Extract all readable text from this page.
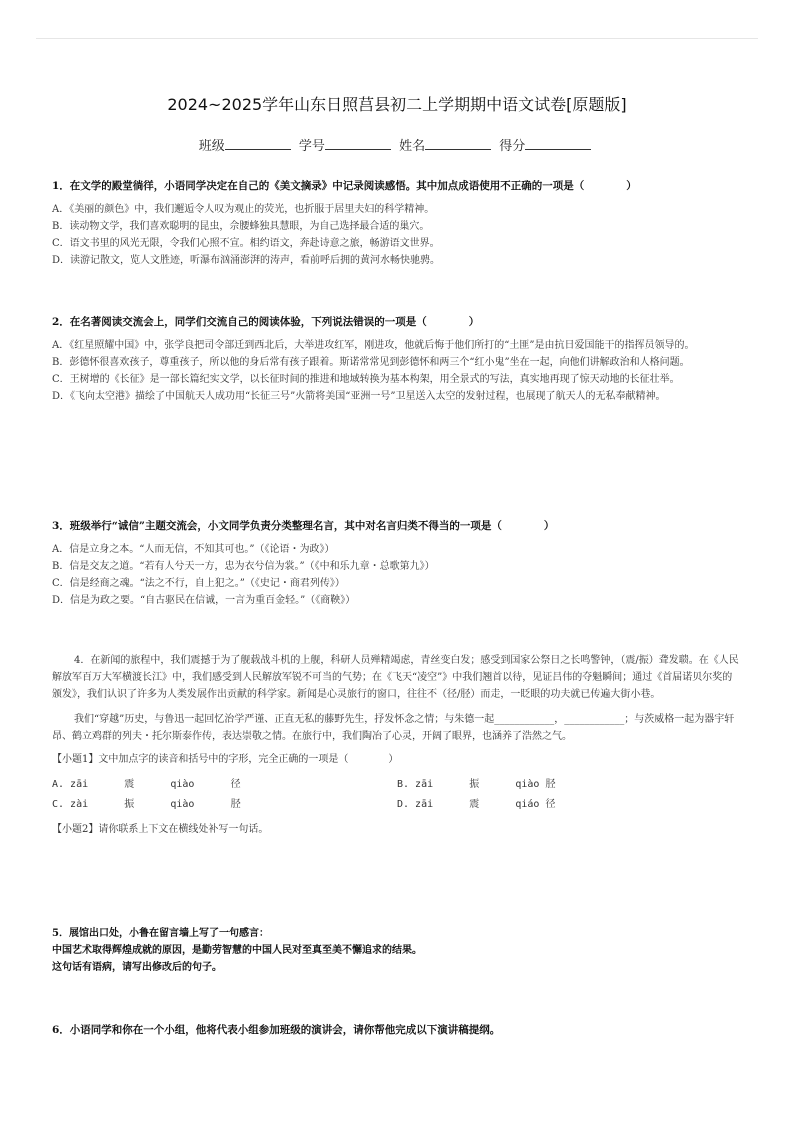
2024~2025学年山东日照莒县初二上学期期中语文试卷[原题版]
班级	学号	姓名	得分
1．在文学的殿堂徜徉，小语同学决定在自己的《美文摘录》中记录阅读感悟。其中加点成语使用不正确的一项是（　　　　）
A．《美丽的颜色》中，我们邂逅令人叹为观止的荧光，也折服于居里夫妇的科学精神。
B．读动物文学，我们喜欢聪明的昆虫，佘腰蜂独具慧眼，为自己选择最合适的巢穴。
C．语文书里的风光无限，令我们心照不宣。相约语文，奔赴诗意之旅，畅游语文世界。
D．读游记散文，览人文胜迹，听瀑布汹涌澎湃的涛声，看前呼后拥的黄河水畅快驰骋。
2．在名著阅读交流会上，同学们交流自己的阅读体验，下列说法错误的一项是（　　　　）
A．《红星照耀中国》中，张学良把司令部迁到西北后，大举进攻红军，刚进攻，他就后悔于他们所打的“土匪”是由抗日爱国能干的指挥员领导的。
B．彭德怀很喜欢孩子，尊重孩子，所以他的身后常有孩子跟着。斯诺常常见到彭德怀和两三个“红小鬼”坐在一起，向他们讲解政治和人格问题。
C．王树增的《长征》是一部长篇纪实文学，以长征时间的推进和地域转换为基本构架，用全景式的写法，真实地再现了惊天动地的长征壮举。
D．《飞向太空港》描绘了中国航天人成功用“长征三号”火箭将美国“亚洲一号”卫星送入太空的发射过程，也展现了航天人的无私奉献精神。
3．班级举行“诚信”主题交流会，小文同学负责分类整理名言，其中对名言归类不得当的一项是（　　　　）
A．信是立身之本。“人而无信，不知其可也。”（《论语・为政》）
B．信是交友之道。“若有人兮天一方，忠为衣兮信为裳。”（《中和乐九章・总歌第九》）
C．信是经商之魂。“法之不行，自上犯之。”（《史记・商君列传》）
D．信是为政之要。“自古驱民在信诚，一言为重百金轻。”（《商鞅》）
4．在新闻的旅程中，我们震撼于为了舰载战斗机的上舰，科研人员殚精竭虑，青丝变白发；感受到国家公祭日之长鸣警钟，（震/振）聋发聩。在《人民解放军百万大军横渡长江》中，我们感受到人民解放军锐不可当的气势；在《飞天“凌空”》中我们翘首以待，见证吕伟的夺魁瞬间；通过《首届诺贝尔奖的颁发》，我们认识了许多为人类发展作出贡献的科学家。新闻是心灵旅行的窗口，往往不（径/胫）而走，一眨眼的功夫就已传遍大街小巷。
我们“穿越”历史，与鲁迅一起回忆治学严谨、正直无私的藤野先生，抒发怀念之情；与朱德一起____________，____________；与茨威格一起为器宇轩昂、鹤立鸡群的列夫・托尔斯泰作传，表达崇敬之情。在旅行中，我们陶冶了心灵，开阔了眼界，也涵养了浩然之气。
【小题1】文中加点字的读音和括号中的字形，完全正确的一项是（　　　　）
A. zāi      震      qiào      径	B. zāi      振      qiào 胫
C. zài      振      qiào      胫	D. zāi      震      qiáo 径
【小题2】请你联系上下文在横线处补写一句话。
5．展馆出口处，小鲁在留言墙上写了一句感言：
中国艺术取得辉煌成就的原因，是勤劳智慧的中国人民对至真至美不懈追求的结果。
这句话有语病，请写出修改后的句子。
6．小语同学和你在一个小组，他将代表小组参加班级的演讲会，请你帮他完成以下演讲稿提纲。
